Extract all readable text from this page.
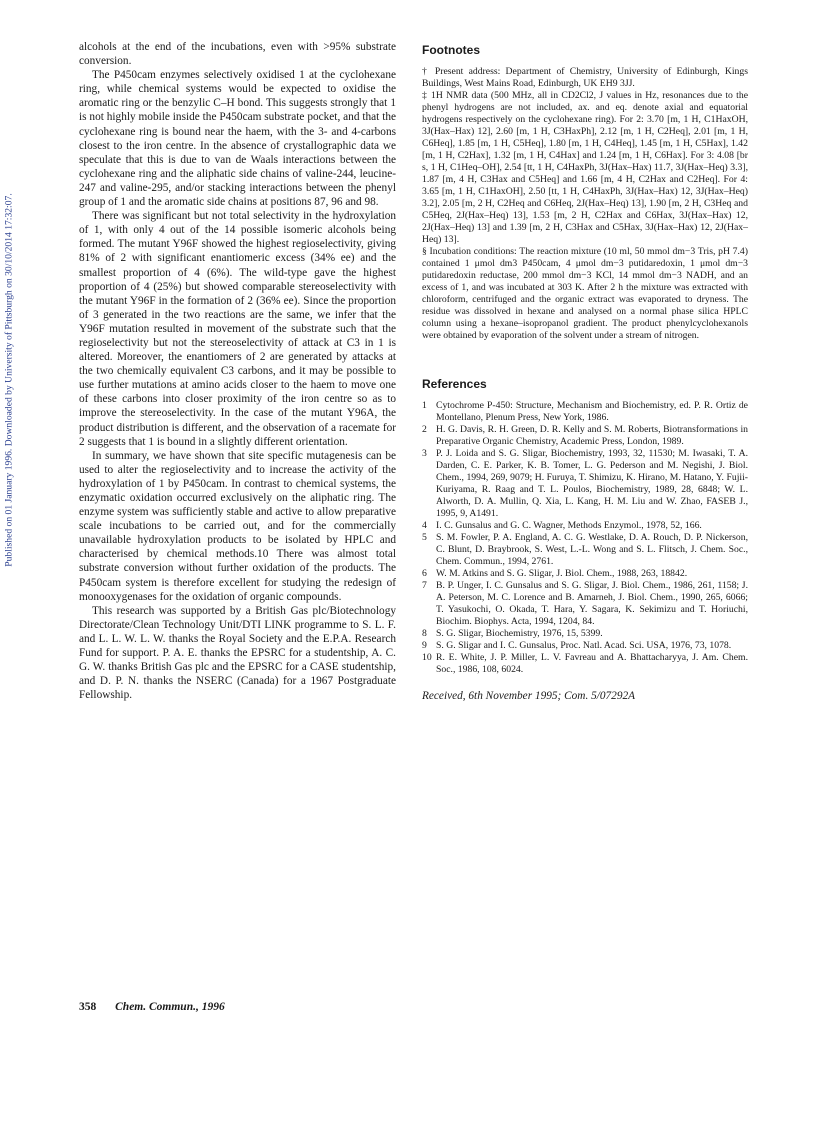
Published on 01 January 1996. Downloaded by University of Pittsburgh on 30/10/2014 17:32:07.

alcohols at the end of the incubations, even with >95% substrate conversion.

The P450cam enzymes selectively oxidised 1 at the cyclohexane ring, while chemical systems would be expected to oxidise the aromatic ring or the benzylic C–H bond. This suggests strongly that 1 is not highly mobile inside the P450cam substrate pocket, and that the cyclohexane ring is bound near the haem, with the 3- and 4-carbons closest to the iron centre. In the absence of crystallographic data we speculate that this is due to van de Waals interactions between the cyclohexane ring and the aliphatic side chains of valine-244, leucine-247 and valine-295, and/or stacking interactions between the phenyl group of 1 and the aromatic side chains at positions 87, 96 and 98.

There was significant but not total selectivity in the hydroxylation of 1, with only 4 out of the 14 possible isomeric alcohols being formed. The mutant Y96F showed the highest regioselectivity, giving 81% of 2 with significant enantiomeric excess (34% ee) and the smallest proportion of 4 (6%). The wild-type gave the highest proportion of 4 (25%) but showed comparable stereoselectivity with the mutant Y96F in the formation of 2 (36% ee). Since the proportion of 3 generated in the two reactions are the same, we infer that the Y96F mutation resulted in movement of the substrate such that the regioselectivity but not the stereoselectivity of attack at C3 in 1 is altered. Moreover, the enantiomers of 2 are generated by attacks at the two chemically equivalent C3 carbons, and it may be possible to use further mutations at amino acids closer to the haem to move one of these carbons into closer proximity of the iron centre so as to improve the stereoselectivity. In the case of the mutant Y96A, the product distribution is different, and the observation of a racemate for 2 suggests that 1 is bound in a slightly different orientation.

In summary, we have shown that site specific mutagenesis can be used to alter the regioselectivity and to increase the activity of the hydroxylation of 1 by P450cam. In contrast to chemical systems, the enzymatic oxidation occurred exclusively on the aliphatic ring. The enzyme system was sufficiently stable and active to allow preparative scale incubations to be carried out, and for the commercially unavailable hydroxylation products to be isolated by HPLC and characterised by chemical methods.10 There was almost total substrate conversion without further oxidation of the products. The P450cam system is therefore excellent for studying the redesign of monooxygenases for the oxidation of organic compounds.

This research was supported by a British Gas plc/Biotechnology Directorate/Clean Technology Unit/DTI LINK programme to S. L. F. and L. L. W. L. W. thanks the Royal Society and the E.P.A. Research Fund for support. P. A. E. thanks the EPSRC for a studentship, A. C. G. W. thanks British Gas plc and the EPSRC for a CASE studentship, and D. P. N. thanks the NSERC (Canada) for a 1967 Postgraduate Fellowship.

Footnotes

† Present address: Department of Chemistry, University of Edinburgh, Kings Buildings, West Mains Road, Edinburgh, UK EH9 3JJ.

‡ 1H NMR data (500 MHz, all in CD2Cl2, J values in Hz, resonances due to the phenyl hydrogens are not included, ax. and eq. denote axial and equatorial hydrogens respectively on the cyclohexane ring). For 2: 3.70 [m, 1 H, C1HaxOH, 3J(Hax–Hax) 12], 2.60 [m, 1 H, C3HaxPh], 2.12 [m, 1 H, C2Heq], 2.01 [m, 1 H, C6Heq], 1.85 [m, 1 H, C5Heq], 1.80 [m, 1 H, C4Heq], 1.45 [m, 1 H, C5Hax], 1.42 [m, 1 H, C2Hax], 1.32 [m, 1 H, C4Hax] and 1.24 [m, 1 H, C6Hax]. For 3: 4.08 [br s, 1 H, C1Heq–OH], 2.54 [tt, 1 H, C4HaxPh, 3J(Hax–Hax) 11.7, 3J(Hax–Heq) 3.3], 1.87 [m, 4 H, C3Hax and C5Heq] and 1.66 [m, 4 H, C2Hax and C2Heq]. For 4: 3.65 [m, 1 H, C1HaxOH], 2.50 [tt, 1 H, C4HaxPh, 3J(Hax–Hax) 12, 3J(Hax–Heq) 3.2], 2.05 [m, 2 H, C2Heq and C6Heq, 2J(Hax–Heq) 13], 1.90 [m, 2 H, C3Heq and C5Heq, 2J(Hax–Heq) 13], 1.53 [m, 2 H, C2Hax and C6Hax, 3J(Hax–Hax) 12, 2J(Hax–Heq) 13] and 1.39 [m, 2 H, C3Hax and C5Hax, 3J(Hax–Hax) 12, 2J(Hax–Heq) 13].

§ Incubation conditions: The reaction mixture (10 ml, 50 mmol dm−3 Tris, pH 7.4) contained 1 μmol dm3 P450cam, 4 μmol dm−3 putidaredoxin, 1 μmol dm−3 putidaredoxin reductase, 200 mmol dm−3 KCl, 14 mmol dm−3 NADH, and an excess of 1, and was incubated at 303 K. After 2 h the mixture was extracted with chloroform, centrifuged and the organic extract was evaporated to dryness. The residue was dissolved in hexane and analysed on a normal phase silica HPLC column using a hexane–isopropanol gradient. The product phenylcyclohexanols were obtained by evaporation of the solvent under a stream of nitrogen.

References
1 Cytochrome P-450: Structure, Mechanism and Biochemistry, ed. P. R. Ortiz de Montellano, Plenum Press, New York, 1986.
2 H. G. Davis, R. H. Green, D. R. Kelly and S. M. Roberts, Biotransformations in Preparative Organic Chemistry, Academic Press, London, 1989.
3 P. J. Loida and S. G. Sligar, Biochemistry, 1993, 32, 11530; M. Iwasaki, T. A. Darden, C. E. Parker, K. B. Tomer, L. G. Pederson and M. Negishi, J. Biol. Chem., 1994, 269, 9079; H. Furuya, T. Shimizu, K. Hirano, M. Hatano, Y. Fujii-Kuriyama, R. Raag and T. L. Poulos, Biochemistry, 1989, 28, 6848; W. L. Alworth, D. A. Mullin, Q. Xia, L. Kang, H. M. Liu and W. Zhao, FASEB J., 1995, 9, A1491.
4 I. C. Gunsalus and G. C. Wagner, Methods Enzymol., 1978, 52, 166.
5 S. M. Fowler, P. A. England, A. C. G. Westlake, D. A. Rouch, D. P. Nickerson, C. Blunt, D. Braybrook, S. West, L.-L. Wong and S. L. Flitsch, J. Chem. Soc., Chem. Commun., 1994, 2761.
6 W. M. Atkins and S. G. Sligar, J. Biol. Chem., 1988, 263, 18842.
7 B. P. Unger, I. C. Gunsalus and S. G. Sligar, J. Biol. Chem., 1986, 261, 1158; J. A. Peterson, M. C. Lorence and B. Amarneh, J. Biol. Chem., 1990, 265, 6066; T. Yasukochi, O. Okada, T. Hara, Y. Sagara, K. Sekimizu and T. Horiuchi, Biochim. Biophys. Acta, 1994, 1204, 84.
8 S. G. Sligar, Biochemistry, 1976, 15, 5399.
9 S. G. Sligar and I. C. Gunsalus, Proc. Natl. Acad. Sci. USA, 1976, 73, 1078.
10 R. E. White, J. P. Miller, L. V. Favreau and A. Bhattacharyya, J. Am. Chem. Soc., 1986, 108, 6024.
Received, 6th November 1995; Com. 5/07292A
358 Chem. Commun., 1996
